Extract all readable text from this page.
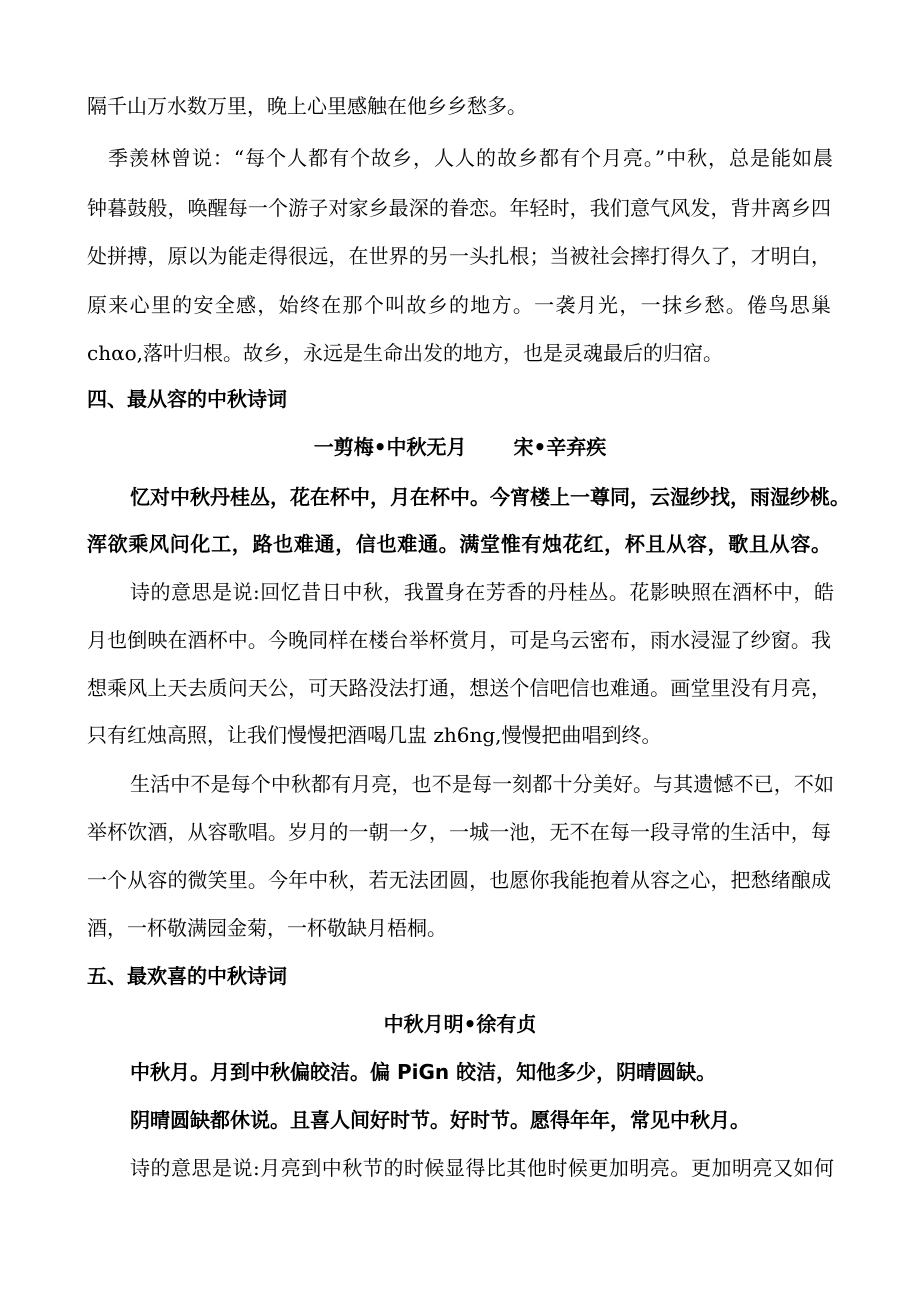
隔千山万水数万里，晚上心里感触在他乡乡愁多。

季羡林曾说：“每个人都有个故乡，人人的故乡都有个月亮。”中秋，总是能如晨

钟暮鼓般，唤醒每一个游子对家乡最深的眷恋。年轻时，我们意气风发，背井离乡四

处拼搏，原以为能走得很远，在世界的另一头扎根；当被社会摔打得久了，才明白，

原来心里的安全感，始终在那个叫故乡的地方。一袭月光，一抹乡愁。倦鸟思巢

chαo,落叶归根。故乡，永远是生命出发的地方，也是灵魂最后的归宿。

四、最从容的中秋诗词

一剪梅•中秋无月　　 宋•辛弃疾

忆对中秋丹桂丛，花在杯中，月在杯中。今宵楼上一尊同，云湿纱找，雨湿纱桃。

浑欲乘风问化工，路也难通，信也难通。满堂惟有烛花红，杯且从容，歌且从容。

诗的意思是说:回忆昔日中秋，我置身在芳香的丹桂丛。花影映照在酒杯中，皓

月也倒映在酒杯中。今晚同样在楼台举杯赏月，可是乌云密布，雨水浸湿了纱窗。我

想乘风上天去质问天公，可天路没法打通，想送个信吧信也难通。画堂里没有月亮，

只有红烛高照，让我们慢慢把酒喝几盅 zh6ng,慢慢把曲唱到终。

生活中不是每个中秋都有月亮，也不是每一刻都十分美好。与其遗憾不已，不如

举杯饮酒，从容歌唱。岁月的一朝一夕，一城一池，无不在每一段寻常的生活中，每

一个从容的微笑里。今年中秋，若无法团圆，也愿你我能抱着从容之心，把愁绪酿成

酒，一杯敬满园金菊，一杯敬缺月梧桐。

五、最欢喜的中秋诗词

中秋月明•徐有贞

中秋月。月到中秋偏皎洁。偏 PiGn 皎洁，知他多少，阴晴圆缺。

阴晴圆缺都休说。且喜人间好时节。好时节。愿得年年，常见中秋月。

诗的意思是说:月亮到中秋节的时候显得比其他时候更加明亮。更加明亮又如何
